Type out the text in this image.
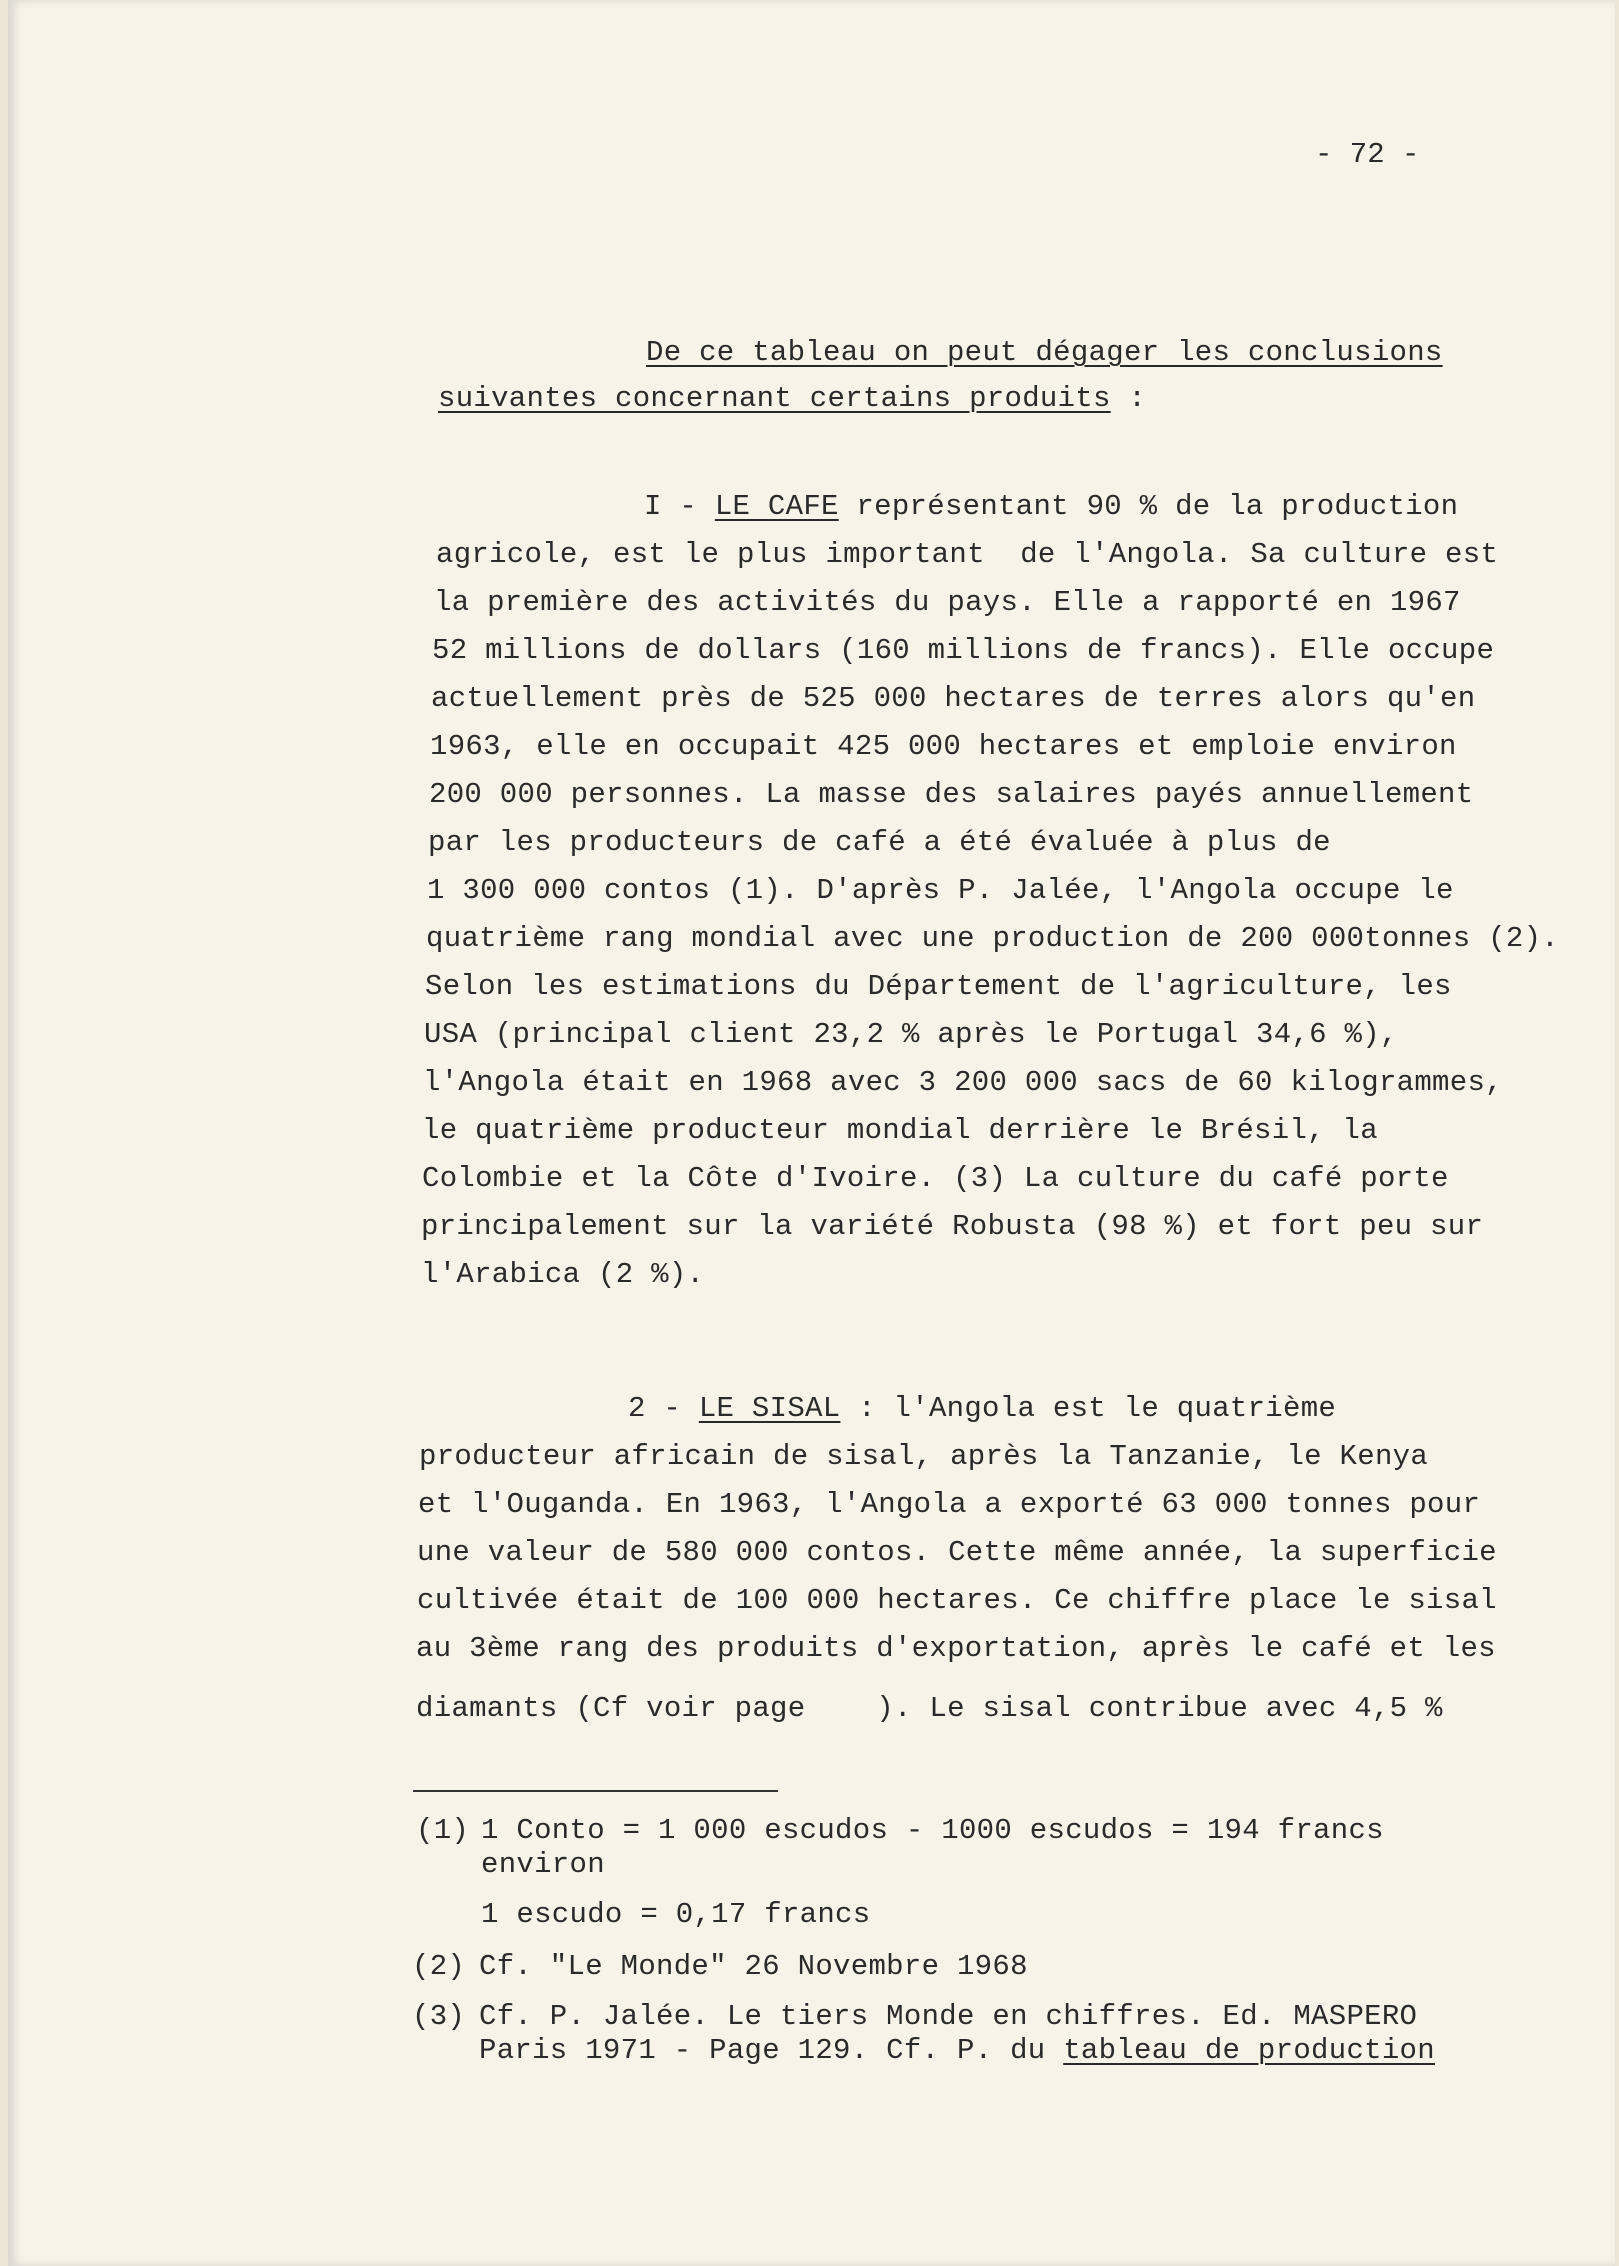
- 72 -
De ce tableau on peut dégager les conclusions
suivantes concernant certains produits :
I - LE CAFE représentant 90 % de la production
agricole, est le plus important  de l'Angola. Sa culture est
la première des activités du pays. Elle a rapporté en 1967
52 millions de dollars (160 millions de francs). Elle occupe
actuellement près de 525 000 hectares de terres alors qu'en
1963, elle en occupait 425 000 hectares et emploie environ
200 000 personnes. La masse des salaires payés annuellement
par les producteurs de café a été évaluée à plus de
1 300 000 contos (1). D'après P. Jalée, l'Angola occupe le
quatrième rang mondial avec une production de 200 000tonnes (2).
Selon les estimations du Département de l'agriculture, les
USA (principal client 23,2 % après le Portugal 34,6 %),
l'Angola était en 1968 avec 3 200 000 sacs de 60 kilogrammes,
le quatrième producteur mondial derrière le Brésil, la
Colombie et la Côte d'Ivoire. (3) La culture du café porte
principalement sur la variété Robusta (98 %) et fort peu sur
l'Arabica (2 %).
2 - LE SISAL : l'Angola est le quatrième
producteur africain de sisal, après la Tanzanie, le Kenya
et l'Ouganda. En 1963, l'Angola a exporté 63 000 tonnes pour
une valeur de 580 000 contos. Cette même année, la superficie
cultivée était de 100 000 hectares. Ce chiffre place le sisal
au 3ème rang des produits d'exportation, après le café et les
diamants (Cf voir page    ). Le sisal contribue avec 4,5 %
(1) 1 Conto = 1 000 escudos - 1000 escudos = 194 francs
environ
1 escudo = 0,17 francs
(2) Cf. "Le Monde" 26 Novembre 1968
(3) Cf. P. Jalée. Le tiers Monde en chiffres. Ed. MASPERO
Paris 1971 - Page 129. Cf. P. du tableau de production
